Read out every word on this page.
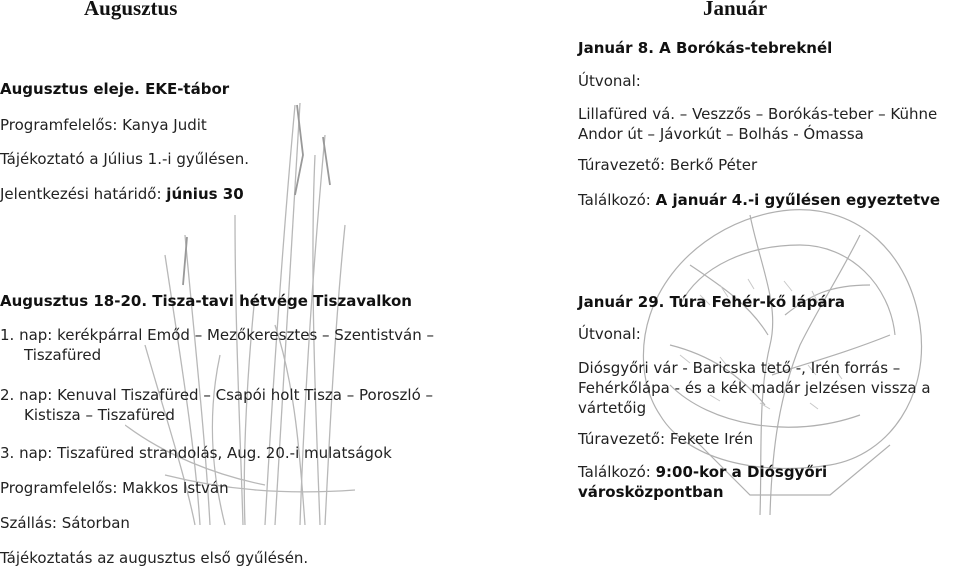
Augusztus	Január
Augusztus eleje. EKE-tábor
Programfelelős: Kanya Judit
Tájékoztató a Július 1.-i gyűlésen.
Jelentkezési határidő: június 30
Augusztus 18-20. Tisza-tavi hétvége Tiszavalkon
1. nap: kerékpárral Emőd – Mezőkeresztes – Szentistván –
Tiszafüred
2. nap: Kenuval Tiszafüred – Csapói holt Tisza – Poroszló –
Kistisza – Tiszafüred
3. nap: Tiszafüred strandolás, Aug. 20.-i mulatságok
Programfelelős: Makkos István
Szállás: Sátorban
Tájékoztatás az augusztus első gyűlésén.
Január 8. A Borókás-tebreknél
Útvonal:
Lillafüred vá. – Veszzős – Borókás-teber – Kühne
Andor út – Jávorkút – Bolhás - Ómassa
Túravezető: Berkő Péter
Találkozó: A január 4.-i gyűlésen egyeztetve
Január 29. Túra Fehér-kő lápára
Útvonal:
Diósgyőri vár - Baricska tető -, Irén forrás –
Fehérkőlápa - és a kék madár jelzésen vissza a
vártetőig
Túravezető: Fekete Irén
Találkozó: 9:00-kor a Diósgyőri
városközpontban
